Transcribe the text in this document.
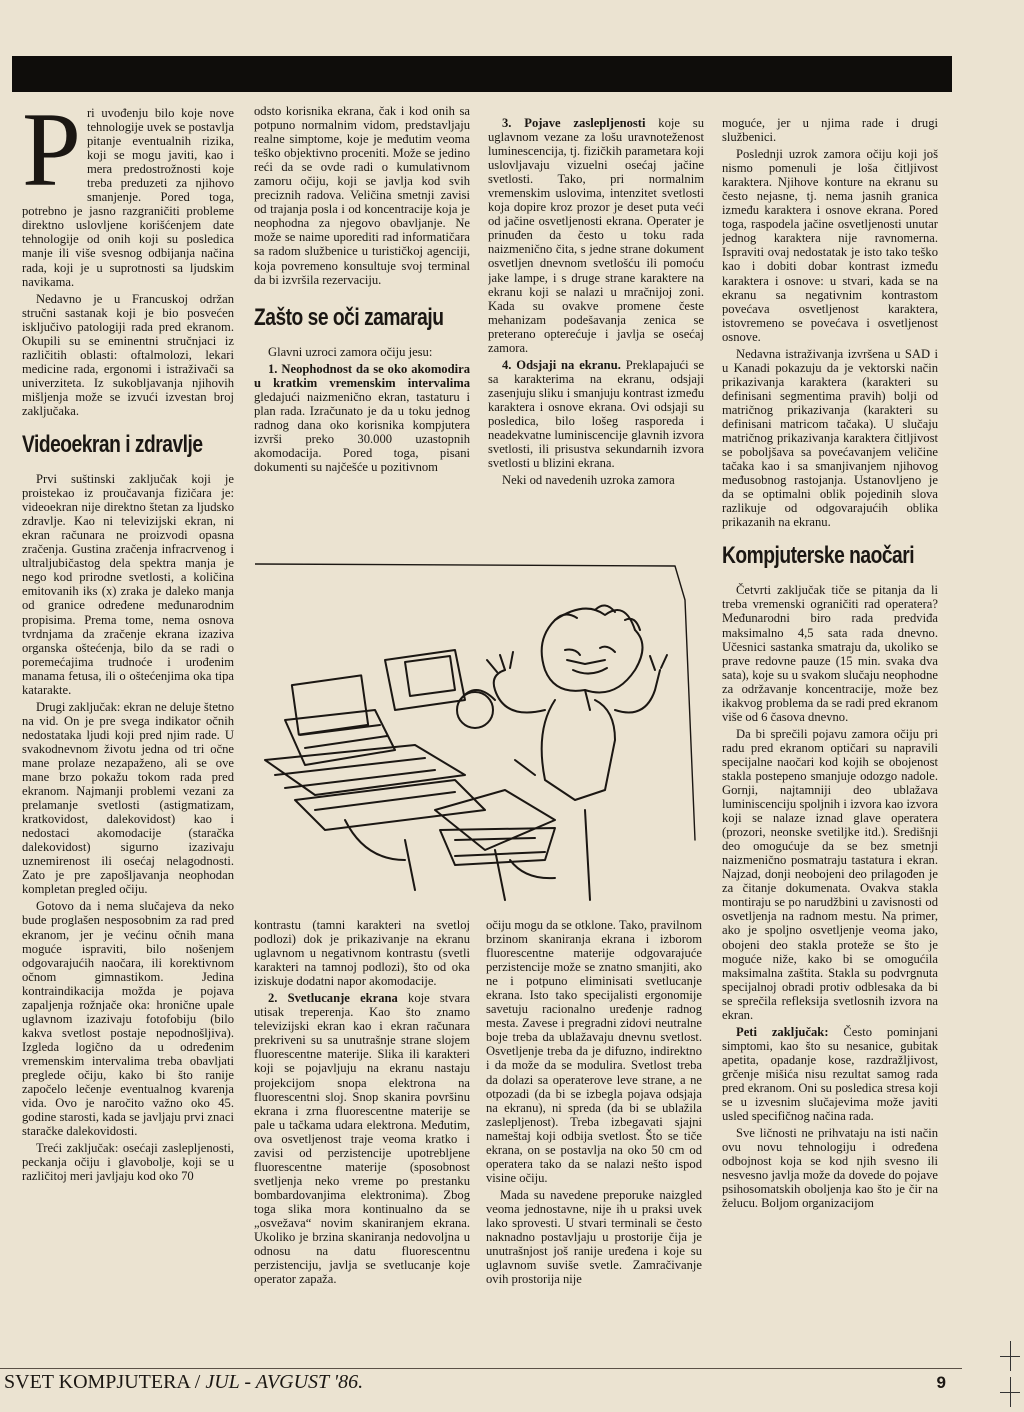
Pri uvođenju bilo koje nove tehnologije uvek se postavlja pitanje eventualnih rizika, koji se mogu javiti, kao i mera predostrožnosti koje treba preduzeti za njihovo smanjenje. Pored toga, potrebno je jasno razgraničiti probleme direktno uslovljene korišćenjem date tehnologije od onih koji su posledica manje ili više svesnog odbijanja načina rada, koji je u suprotnosti sa ljudskim navikama.

Nedavno je u Francuskoj održan stručni sastanak koji je bio posvećen isključivo patologiji rada pred ekranom. Okupili su se eminentni stručnjaci iz različitih oblasti: oftalmolozi, lekari medicine rada, ergonomi i istraživači sa univerziteta. Iz sukobljavanja njihovih mišljenja može se izvući izvestan broj zaključaka.

Videoekran i zdravlje

Prvi suštinski zaključak koji je proistekao iz proučavanja fizičara je: videoekran nije direktno štetan za ljudsko zdravlje. Kao ni televizijski ekran, ni ekran računara ne proizvodi opasna zračenja. Gustina zračenja infracrvenog i ultraljubičastog dela spektra manja je nego kod prirodne svetlosti, a količina emitovanih iks (x) zraka je daleko manja od granice određene međunarodnim propisima. Prema tome, nema osnova tvrdnjama da zračenje ekrana izaziva organska oštećenja, bilo da se radi o poremećajima trudnoće i urođenim manama fetusa, ili o oštećenjima oka tipa katarakte.

Drugi zaključak: ekran ne deluje štetno na vid. On je pre svega indikator očnih nedostataka ljudi koji pred njim rade. U svakodnevnom životu jedna od tri očne mane prolaze nezapaženo, ali se ove mane brzo pokažu tokom rada pred ekranom. Najmanji problemi vezani za prelamanje svetlosti (astigmatizam, kratkovidost, dalekovidost) kao i nedostaci akomodacije (staračka dalekovidost) sigurno izazivaju uznemirenost ili osećaj nelagodnosti. Zato je pre zapošljavanja neophodan kompletan pregled očiju.

Gotovo da i nema slučajeva da neko bude proglašen nesposobnim za rad pred ekranom, jer je većinu očnih mana moguće ispraviti, bilo nošenjem odgovarajućih naočara, ili korektivnom očnom gimnastikom. Jedina kontraindikacija možda je pojava zapaljenja rožnjače oka: hronične upale uglavnom izazivaju fotofobiju (bilo kakva svetlost postaje nepodnošljiva). Izgleda logično da u određenim vremenskim intervalima treba obavljati preglede očiju, kako bi što ranije započelo lečenje eventualnog kvarenja vida. Ovo je naročito važno oko 45. godine starosti, kada se javljaju prvi znaci staračke dalekovidosti.

Treći zaključak: osećaji zaslepljenosti, peckanja očiju i glavobolje, koji se u različitoj meri javljaju kod oko 70

odsto korisnika ekrana, čak i kod onih sa potpuno normalnim vidom, predstavljaju realne simptome, koje je međutim veoma teško objektivno proceniti. Može se jedino reći da se ovde radi o kumulativnom zamoru očiju, koji se javlja kod svih preciznih radova. Veličina smetnji zavisi od trajanja posla i od koncentracije koja je neophodna za njegovo obavljanje. Ne može se naime uporediti rad informatičara sa radom službenice u turističkoj agenciji, koja povremeno konsultuje svoj terminal da bi izvršila rezervaciju.

Zašto se oči zamaraju

Glavni uzroci zamora očiju jesu:

1. Neophodnost da se oko akomodira u kratkim vremenskim intervalima gledajući naizmenično ekran, tastaturu i plan rada. Izračunato je da u toku jednog radnog dana oko korisnika kompjutera izvrši preko 30.000 uzastopnih akomodacija. Pored toga, pisani dokumenti su najčešće u pozitivnom

3. Pojave zaslepljenosti koje su uglavnom vezane za lošu uravnoteženost luminescencija, tj. fizičkih parametara koji uslovljavaju vizuelni osećaj jačine svetlosti. Tako, pri normalnim vremenskim uslovima, intenzitet svetlosti koja dopire kroz prozor je deset puta veći od jačine osvetljenosti ekrana. Operater je prinuđen da često u toku rada naizmenično čita, s jedne strane dokument osvetljen dnevnom svetlošću ili pomoću jake lampe, i s druge strane karaktere na ekranu koji se nalazi u mračnijoj zoni. Kada su ovakve promene česte mehanizam podešavanja zenica se preterano opterećuje i javlja se osećaj zamora.

4. Odsjaji na ekranu. Preklapajući se sa karakterima na ekranu, odsjaji zasenjuju sliku i smanjuju kontrast između karaktera i osnove ekrana. Ovi odsjaji su posledica, bilo lošeg rasporeda i neadekvatne luminiscencije glavnih izvora svetlosti, ili prisustva sekundarnih izvora svetlosti u blizini ekrana.

Neki od navedenih uzroka zamora

kontrastu (tamni karakteri na svetloj podlozi) dok je prikazivanje na ekranu uglavnom u negativnom kontrastu (svetli karakteri na tamnoj podlozi), što od oka iziskuje dodatni napor akomodacije.

2. Svetlucanje ekrana koje stvara utisak treperenja. Kao što znamo televizijski ekran kao i ekran računara prekriveni su sa unutrašnje strane slojem fluorescentne materije. Slika ili karakteri koji se pojavljuju na ekranu nastaju projekcijom snopa elektrona na fluorescentni sloj. Snop skanira površinu ekrana i zrna fluorescentne materije se pale u tačkama udara elektrona. Međutim, ova osvetljenost traje veoma kratko i zavisi od perzistencije upotrebljene fluorescentne materije (sposobnost svetljenja neko vreme po prestanku bombardovanjima elektronima). Zbog toga slika mora kontinualno da se „osvežava“ novim skaniranjem ekrana. Ukoliko je brzina skaniranja nedovoljna u odnosu na datu fluorescentnu perzistenciju, javlja se svetlucanje koje operator zapaža.

očiju mogu da se otklone. Tako, pravilnom brzinom skaniranja ekrana i izborom fluorescentne materije odgovarajuće perzistencije može se znatno smanjiti, ako ne i potpuno eliminisati svetlucanje ekrana. Isto tako specijalisti ergonomije savetuju racionalno uređenje radnog mesta. Zavese i pregradni zidovi neutralne boje treba da ublažavaju dnevnu svetlost. Osvetljenje treba da je difuzno, indirektno i da može da se modulira. Svetlost treba da dolazi sa operaterove leve strane, a ne otpozadi (da bi se izbegla pojava odsjaja na ekranu), ni spreda (da bi se ublažila zaslepljenost). Treba izbegavati sjajni nameštaj koji odbija svetlost. Što se tiče ekrana, on se postavlja na oko 50 cm od operatera tako da se nalazi nešto ispod visine očiju.

Mada su navedene preporuke naizgled veoma jednostavne, nije ih u praksi uvek lako sprovesti. U stvari terminali se često naknadno postavljaju u prostorije čija je unutrašnjost još ranije uređena i koje su uglavnom suviše svetle. Zamračivanje ovih prostorija nije

moguće, jer u njima rade i drugi službenici.

Poslednji uzrok zamora očiju koji još nismo pomenuli je loša čitljivost karaktera. Njihove konture na ekranu su često nejasne, tj. nema jasnih granica između karaktera i osnove ekrana. Pored toga, raspodela jačine osvetljenosti unutar jednog karaktera nije ravnomerna. Ispraviti ovaj nedostatak je isto tako teško kao i dobiti dobar kontrast između karaktera i osnove: u stvari, kada se na ekranu sa negativnim kontrastom povećava osvetljenost karaktera, istovremeno se povećava i osvetljenost osnove.

Nedavna istraživanja izvršena u SAD i u Kanadi pokazuju da je vektorski način prikazivanja karaktera (karakteri su definisani segmentima pravih) bolji od matričnog prikazivanja (karakteri su definisani matricom tačaka). U slučaju matričnog prikazivanja karaktera čitljivost se poboljšava sa povećavanjem veličine tačaka kao i sa smanjivanjem njihovog međusobnog rastojanja. Ustanovljeno je da se optimalni oblik pojedinih slova razlikuje od odgovarajućih oblika prikazanih na ekranu.

Kompjuterske naočari

Četvrti zaključak tiče se pitanja da li treba vremenski ograničiti rad operatera? Međunarodni biro rada predviđa maksimalno 4,5 sata rada dnevno. Učesnici sastanka smatraju da, ukoliko se prave redovne pauze (15 min. svaka dva sata), koje su u svakom slučaju neophodne za održavanje koncentracije, može bez ikakvog problema da se radi pred ekranom više od 6 časova dnevno.

Da bi sprečili pojavu zamora očiju pri radu pred ekranom optičari su napravili specijalne naočari kod kojih se obojenost stakla postepeno smanjuje odozgo nadole. Gornji, najtamniji deo ublažava luminiscenciju spoljnih i izvora kao izvora koji se nalaze iznad glave operatera (prozori, neonske svetiljke itd.). Središnji deo omogućuje da se bez smetnji naizmenično posmatraju tastatura i ekran. Najzad, donji neobojeni deo prilagođen je za čitanje dokumenata. Ovakva stakla montiraju se po narudžbini u zavisnosti od osvetljenja na radnom mestu. Na primer, ako je spoljno osvetljenje veoma jako, obojeni deo stakla proteže se što je moguće niže, kako bi se omogućila maksimalna zaštita. Stakla su podvrgnuta specijalnoj obradi protiv odblesaka da bi se sprečila refleksija svetlosnih izvora na ekran.

Peti zaključak: Često pominjani simptomi, kao što su nesanice, gubitak apetita, opadanje kose, razdražljivost, grčenje mišića nisu rezultat samog rada pred ekranom. Oni su posledica stresa koji se u izvesnim slučajevima može javiti usled specifičnog načina rada.

Sve ličnosti ne prihvataju na isti način ovu novu tehnologiju i određena odbojnost koja se kod njih svesno ili nesvesno javlja može da dovede do pojave psihosomatskih oboljenja kao što je čir na želucu. Boljom organizacijom

SVET KOMPJUTERA / JUL - AVGUST '86.	9
